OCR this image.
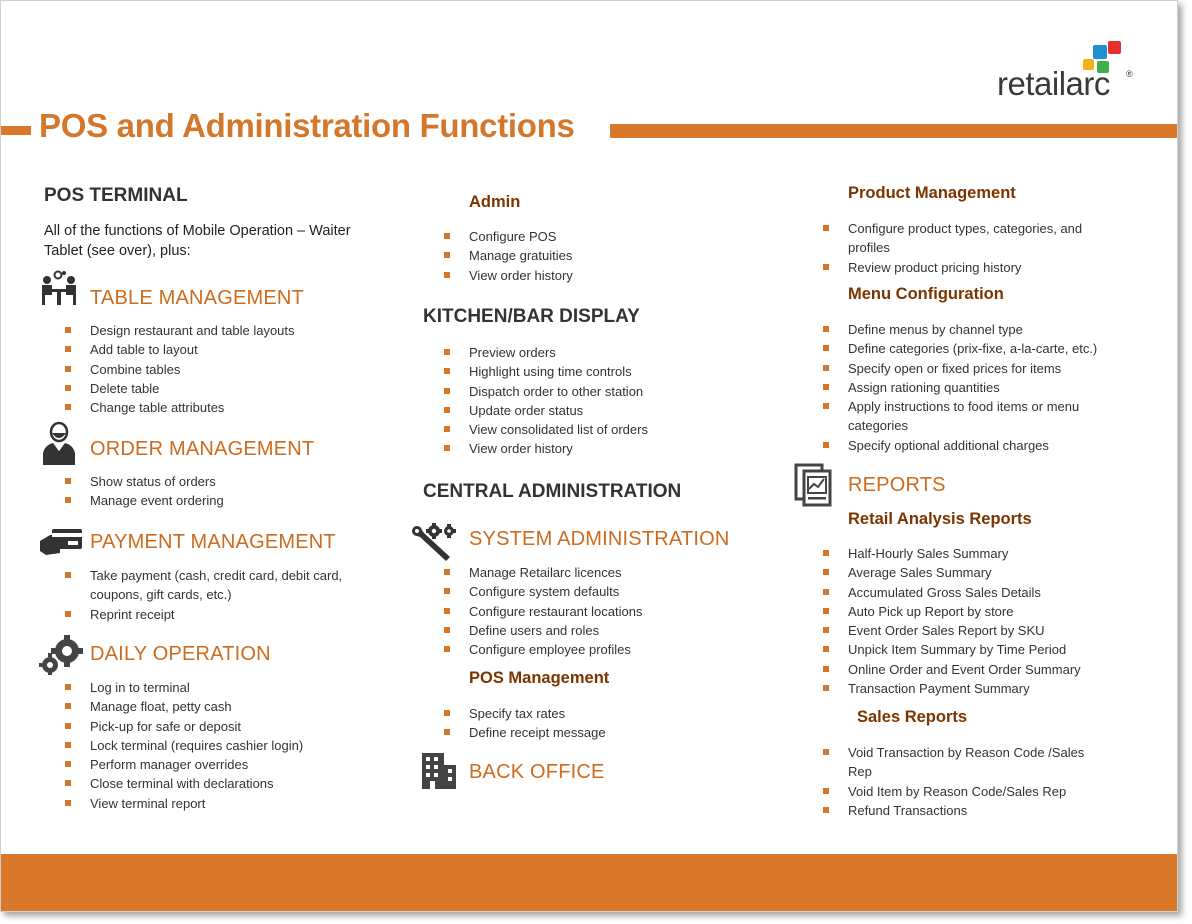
retailarc ®
POS and Administration Functions
POS TERMINAL
All of the functions of Mobile Operation – Waiter Tablet (see over), plus:
TABLE MANAGEMENT
Design restaurant and table layouts
Add table to layout
Combine tables
Delete table
Change table attributes
ORDER MANAGEMENT
Show status of orders
Manage event ordering
PAYMENT MANAGEMENT
Take payment (cash, credit card, debit card, coupons, gift cards, etc.)
Reprint receipt
DAILY OPERATION
Log in to terminal
Manage float, petty cash
Pick-up for safe or deposit
Lock terminal (requires cashier login)
Perform manager overrides
Close terminal with declarations
View terminal report
Admin
Configure POS
Manage gratuities
View order history
KITCHEN/BAR DISPLAY
Preview orders
Highlight using time controls
Dispatch order to other station
Update order status
View consolidated list of orders
View order history
CENTRAL ADMINISTRATION
SYSTEM ADMINISTRATION
Manage Retailarc licences
Configure system defaults
Configure restaurant locations
Define users and roles
Configure employee profiles
POS Management
Specify tax rates
Define receipt message
BACK OFFICE
Product Management
Configure product types, categories, and profiles
Review product pricing history
Menu Configuration
Define menus by channel type
Define categories (prix-fixe, a-la-carte, etc.)
Specify open or fixed prices for items
Assign rationing quantities
Apply instructions to food items or menu categories
Specify optional additional charges
REPORTS
Retail Analysis Reports
Half-Hourly Sales Summary
Average Sales Summary
Accumulated Gross Sales Details
Auto Pick up Report by store
Event Order Sales Report by SKU
Unpick Item Summary by Time Period
Online Order and Event Order Summary
Transaction Payment Summary
Sales Reports
Void Transaction by Reason Code /Sales Rep
Void Item by Reason Code/Sales Rep
Refund Transactions
